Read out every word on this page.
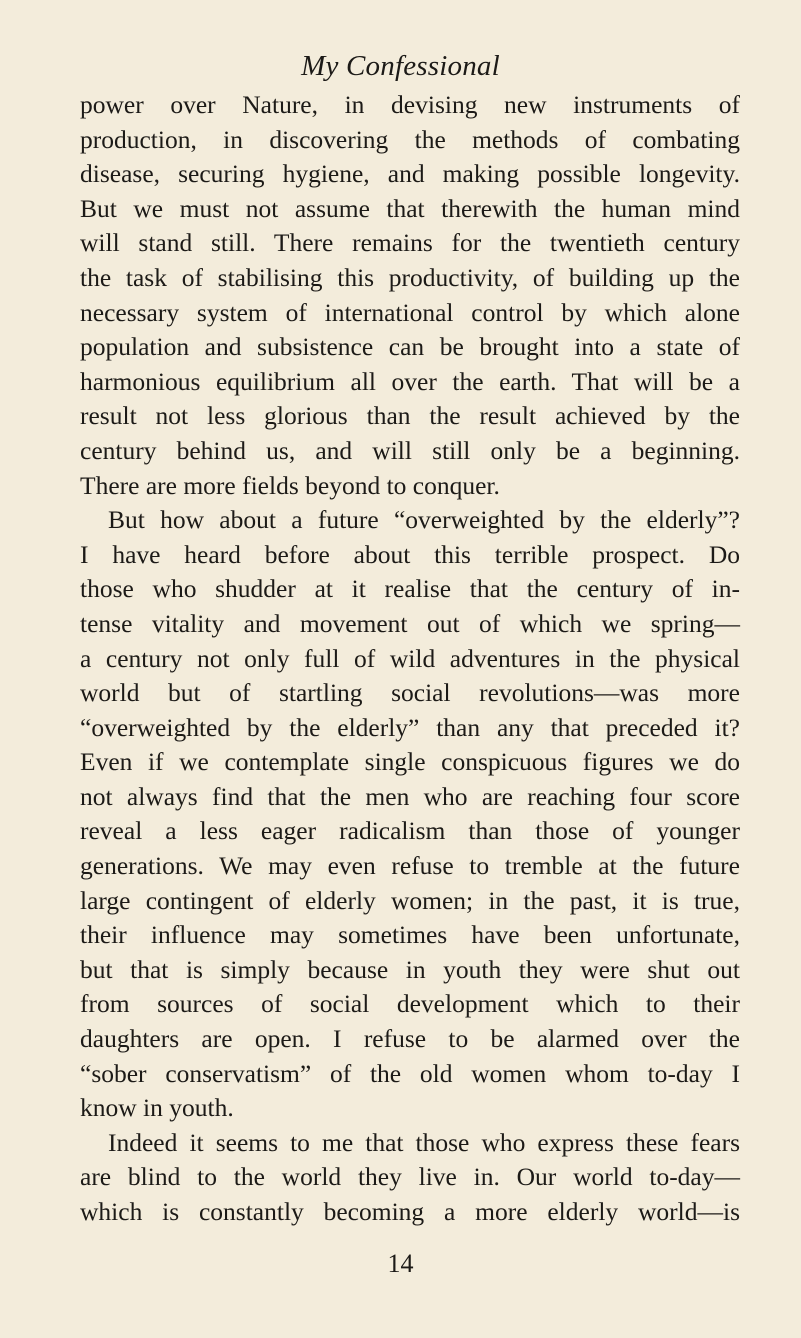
My Confessional
power over Nature, in devising new instruments of
production, in discovering the methods of combating
disease, securing hygiene, and making possible longevity.
But we must not assume that therewith the human mind
will stand still. There remains for the twentieth century
the task of stabilising this productivity, of building up the
necessary system of international control by which alone
population and subsistence can be brought into a state of
harmonious equilibrium all over the earth. That will be a
result not less glorious than the result achieved by the
century behind us, and will still only be a beginning.
There are more fields beyond to conquer.
But how about a future “overweighted by the elderly”?
I have heard before about this terrible prospect. Do
those who shudder at it realise that the century of in-
tense vitality and movement out of which we spring—
a century not only full of wild adventures in the physical
world but of startling social revolutions—was more
“overweighted by the elderly” than any that preceded it?
Even if we contemplate single conspicuous figures we do
not always find that the men who are reaching four score
reveal a less eager radicalism than those of younger
generations. We may even refuse to tremble at the future
large contingent of elderly women; in the past, it is true,
their influence may sometimes have been unfortunate,
but that is simply because in youth they were shut out
from sources of social development which to their
daughters are open. I refuse to be alarmed over the
“sober conservatism” of the old women whom to-day I
know in youth.
Indeed it seems to me that those who express these fears
are blind to the world they live in. Our world to-day—
which is constantly becoming a more elderly world—is
14
